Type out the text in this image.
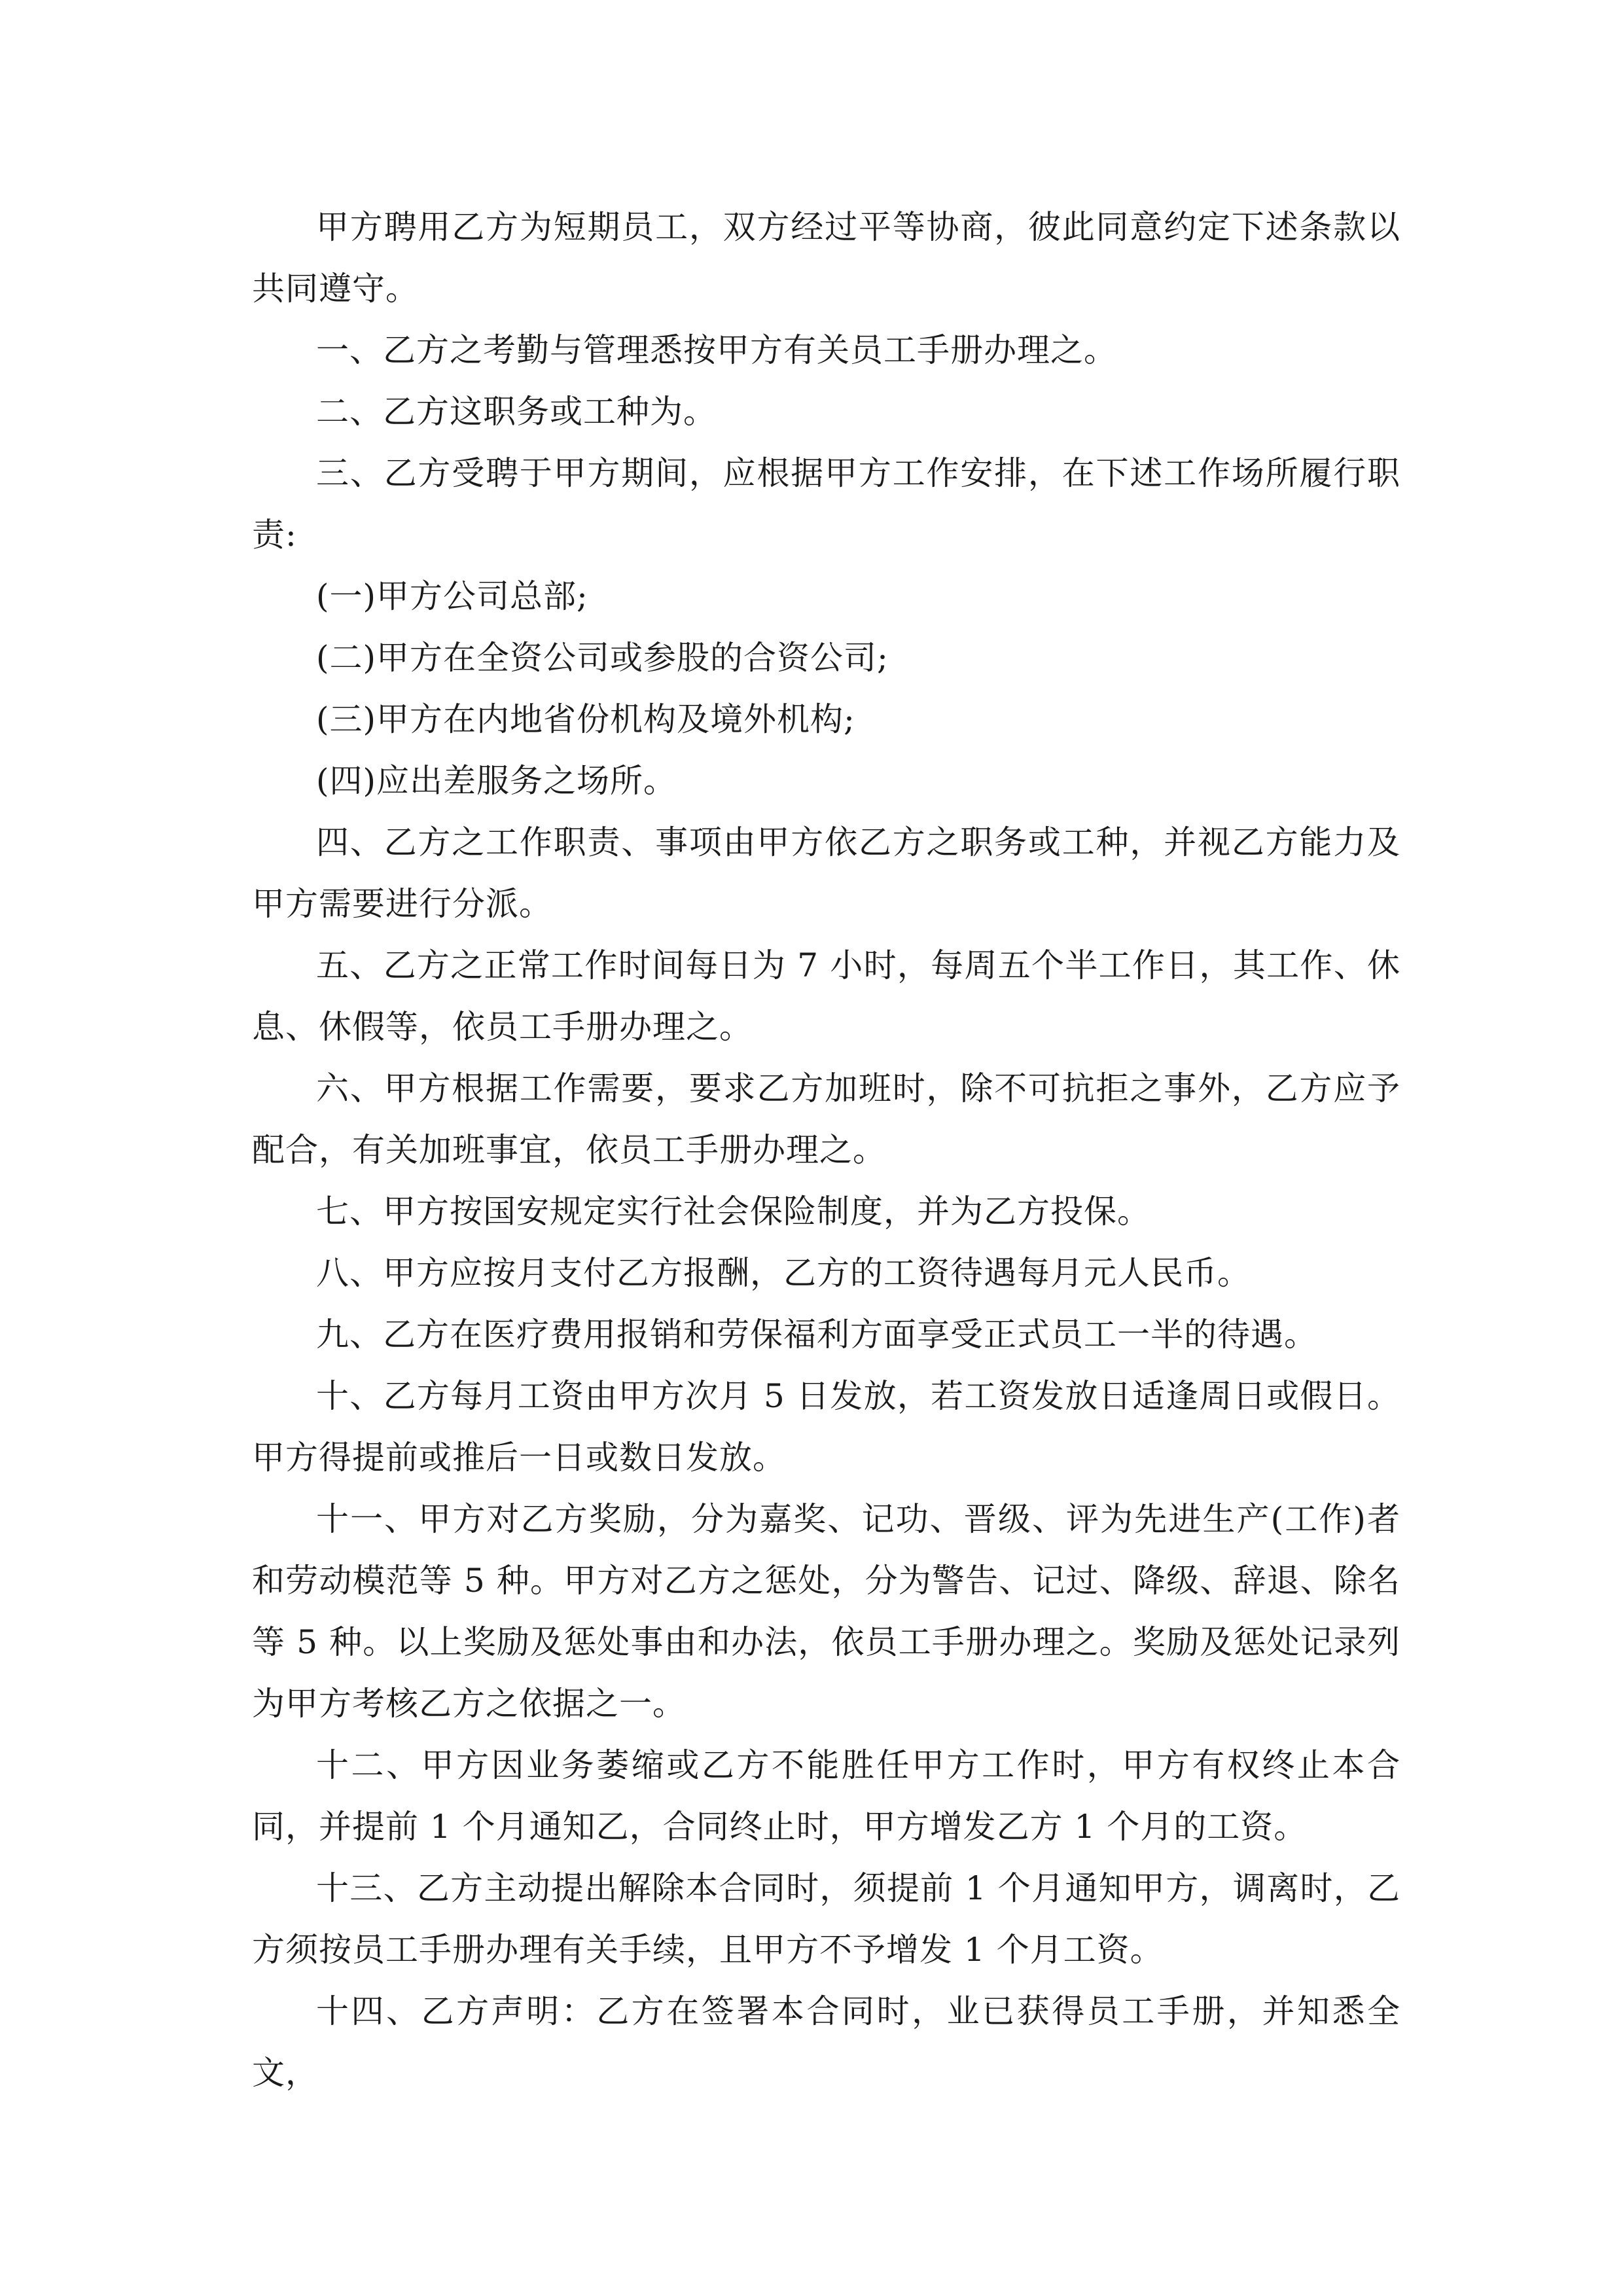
甲方聘用乙方为短期员工，双方经过平等协商，彼此同意约定下述条款以共同遵守。

一、乙方之考勤与管理悉按甲方有关员工手册办理之。

二、乙方这职务或工种为。

三、乙方受聘于甲方期间，应根据甲方工作安排，在下述工作场所履行职责:

(一)甲方公司总部;

(二)甲方在全资公司或参股的合资公司;

(三)甲方在内地省份机构及境外机构;

(四)应出差服务之场所。

四、乙方之工作职责、事项由甲方依乙方之职务或工种，并视乙方能力及甲方需要进行分派。

五、乙方之正常工作时间每日为 7 小时，每周五个半工作日，其工作、休息、休假等，依员工手册办理之。

六、甲方根据工作需要，要求乙方加班时，除不可抗拒之事外，乙方应予配合，有关加班事宜，依员工手册办理之。

七、甲方按国安规定实行社会保险制度，并为乙方投保。

八、甲方应按月支付乙方报酬，乙方的工资待遇每月元人民币。

九、乙方在医疗费用报销和劳保福利方面享受正式员工一半的待遇。

十、乙方每月工资由甲方次月 5 日发放，若工资发放日适逢周日或假日。甲方得提前或推后一日或数日发放。

十一、甲方对乙方奖励，分为嘉奖、记功、晋级、评为先进生产(工作)者和劳动模范等 5 种。甲方对乙方之惩处，分为警告、记过、降级、辞退、除名等 5 种。以上奖励及惩处事由和办法，依员工手册办理之。奖励及惩处记录列为甲方考核乙方之依据之一。

十二、甲方因业务萎缩或乙方不能胜任甲方工作时，甲方有权终止本合同，并提前 1 个月通知乙，合同终止时，甲方增发乙方 1 个月的工资。

十三、乙方主动提出解除本合同时，须提前 1 个月通知甲方，调离时，乙方须按员工手册办理有关手续，且甲方不予增发 1 个月工资。

十四、乙方声明：乙方在签署本合同时，业已获得员工手册，并知悉全文，
